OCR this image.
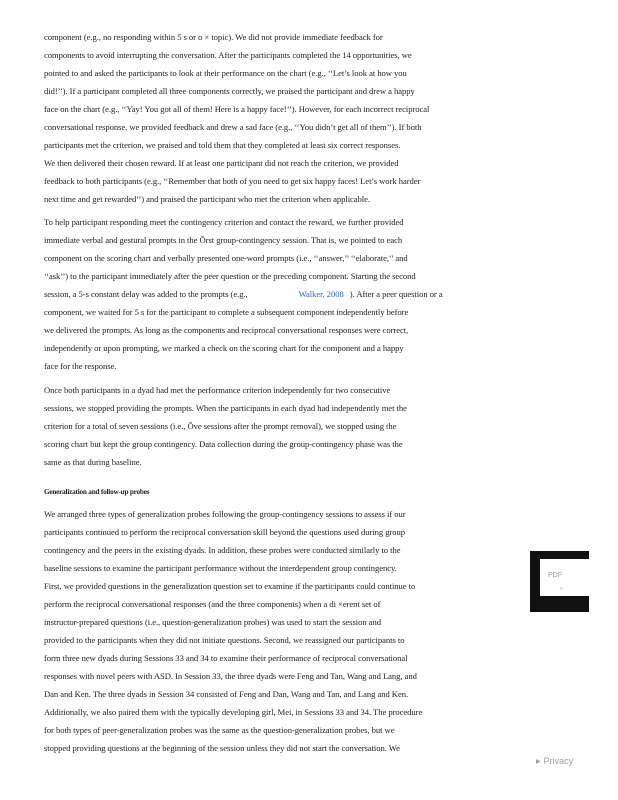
component (e.g., no responding within 5 s or o × topic). We did not provide immediate feedback for
components to avoid interrupting the conversation. After the participants completed the 14 opportunities, we
pointed to and asked the participants to look at their performance on the chart (e.g., ‘‘Let’s look at how you
did!’’). If a participant completed all three components correctly, we praised the participant and drew a happy
face on the chart (e.g., ‘‘Yay! You got all of them! Here is a happy face!’’). However, for each incorrect reciprocal
conversational response, we provided feedback and drew a sad face (e.g., ‘‘You didn’t get all of them’’). If both
participants met the criterion, we praised and told them that they completed at least six correct responses.
We then delivered their chosen reward. If at least one participant did not reach the criterion, we provided
feedback to both participants (e.g., ‘‘Remember that both of you need to get six happy faces! Let’s work harder
next time and get rewarded’’) and praised the participant who met the criterion when applicable.
To help participant responding meet the contingency criterion and contact the reward, we further provided
immediate verbal and gestural prompts in the Ŏrst group-contingency session. That is, we pointed to each
component on the scoring chart and verbally presented one-word prompts (i.e., ‘‘answer,’’ ‘‘elaborate,’’ and
‘‘ask’’) to the participant immediately after the peer question or the preceding component. Starting the second
session, a 5-s constant delay was added to the prompts (e.g.,	Walker, 2008 ). After a peer question or a
component, we waited for 5 s for the participant to complete a subsequent component independently before
we delivered the prompts. As long as the components and reciprocal conversational responses were correct,
independently or upon prompting, we marked a check on the scoring chart for the component and a happy
face for the response.
Once both participants in a dyad had met the performance criterion independently for two consecutive
sessions, we stopped providing the prompts. When the participants in each dyad had independently met the
criterion for a total of seven sessions (i.e., Ŏve sessions after the prompt removal), we stopped using the
scoring chart but kept the group contingency. Data collection during the group-contingency phase was the
same as that during baseline.
Generalization and follow-up probes
We arranged three types of generalization probes following the group-contingency sessions to assess if our
participants continued to perform the reciprocal conversation skill beyond the questions used during group
contingency and the peers in the existing dyads. In addition, these probes were conducted similarly to the
baseline sessions to examine the participant performance without the interdependent group contingency.
First, we provided questions in the generalization question set to examine if the participants could continue to
perform the reciprocal conversational responses (and the three components) when a di ×erent set of
instructor-prepared questions (i.e., question-generalization probes) was used to start the session and
provided to the participants when they did not initiate questions. Second, we reassigned our participants to
form three new dyads during Sessions 33 and 34 to examine their performance of reciprocal conversational
responses with novel peers with ASD. In Session 33, the three dyads were Feng and Tan, Wang and Lang, and
Dan and Ken. The three dyads in Session 34 consisted of Feng and Dan, Wang and Tan, and Lang and Ken.
Additionally, we also paired them with the typically developing girl, Mei, in Sessions 33 and 34. The procedure
for both types of peer-generalization probes was the same as the question-generalization probes, but we
stopped providing questions at the beginning of the session unless they did not start the conversation. We
PDF
»
▶ Privacy
